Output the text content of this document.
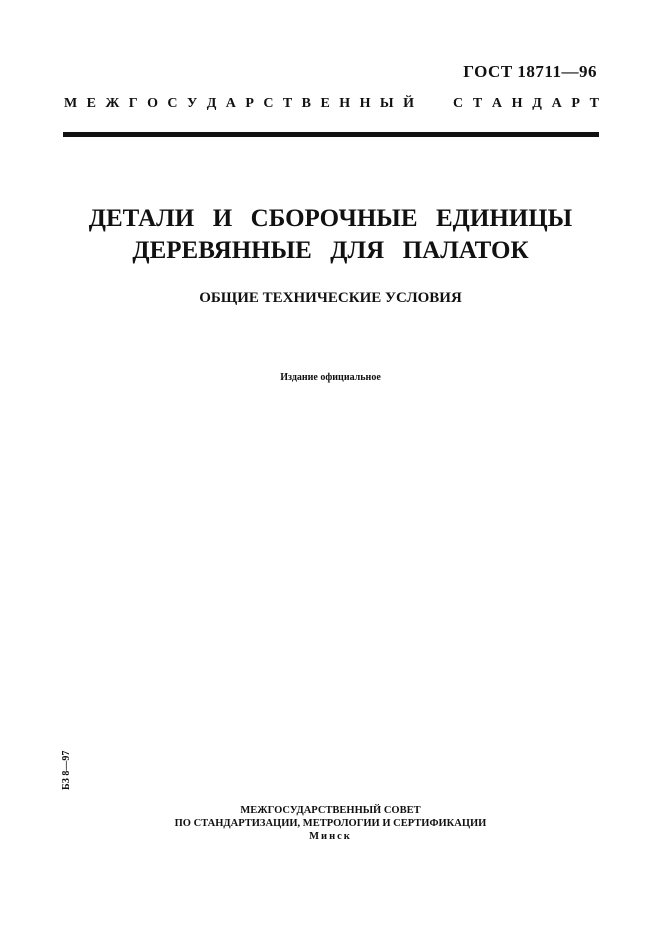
ГОСТ 18711—96
М Е Ж Г О С У Д А Р С Т В Е Н Н Ы Й	С Т А Н Д А Р Т
ДЕТАЛИ  И  СБОРОЧНЫЕ  ЕДИНИЦЫ
ДЕРЕВЯННЫЕ  ДЛЯ  ПАЛАТОК
ОБЩИЕ ТЕХНИЧЕСКИЕ УСЛОВИЯ
Издание официальное
БЗ 8—97
МЕЖГОСУДАРСТВЕННЫЙ СОВЕТ
ПО СТАНДАРТИЗАЦИИ, МЕТРОЛОГИИ И СЕРТИФИКАЦИИ
Минск
